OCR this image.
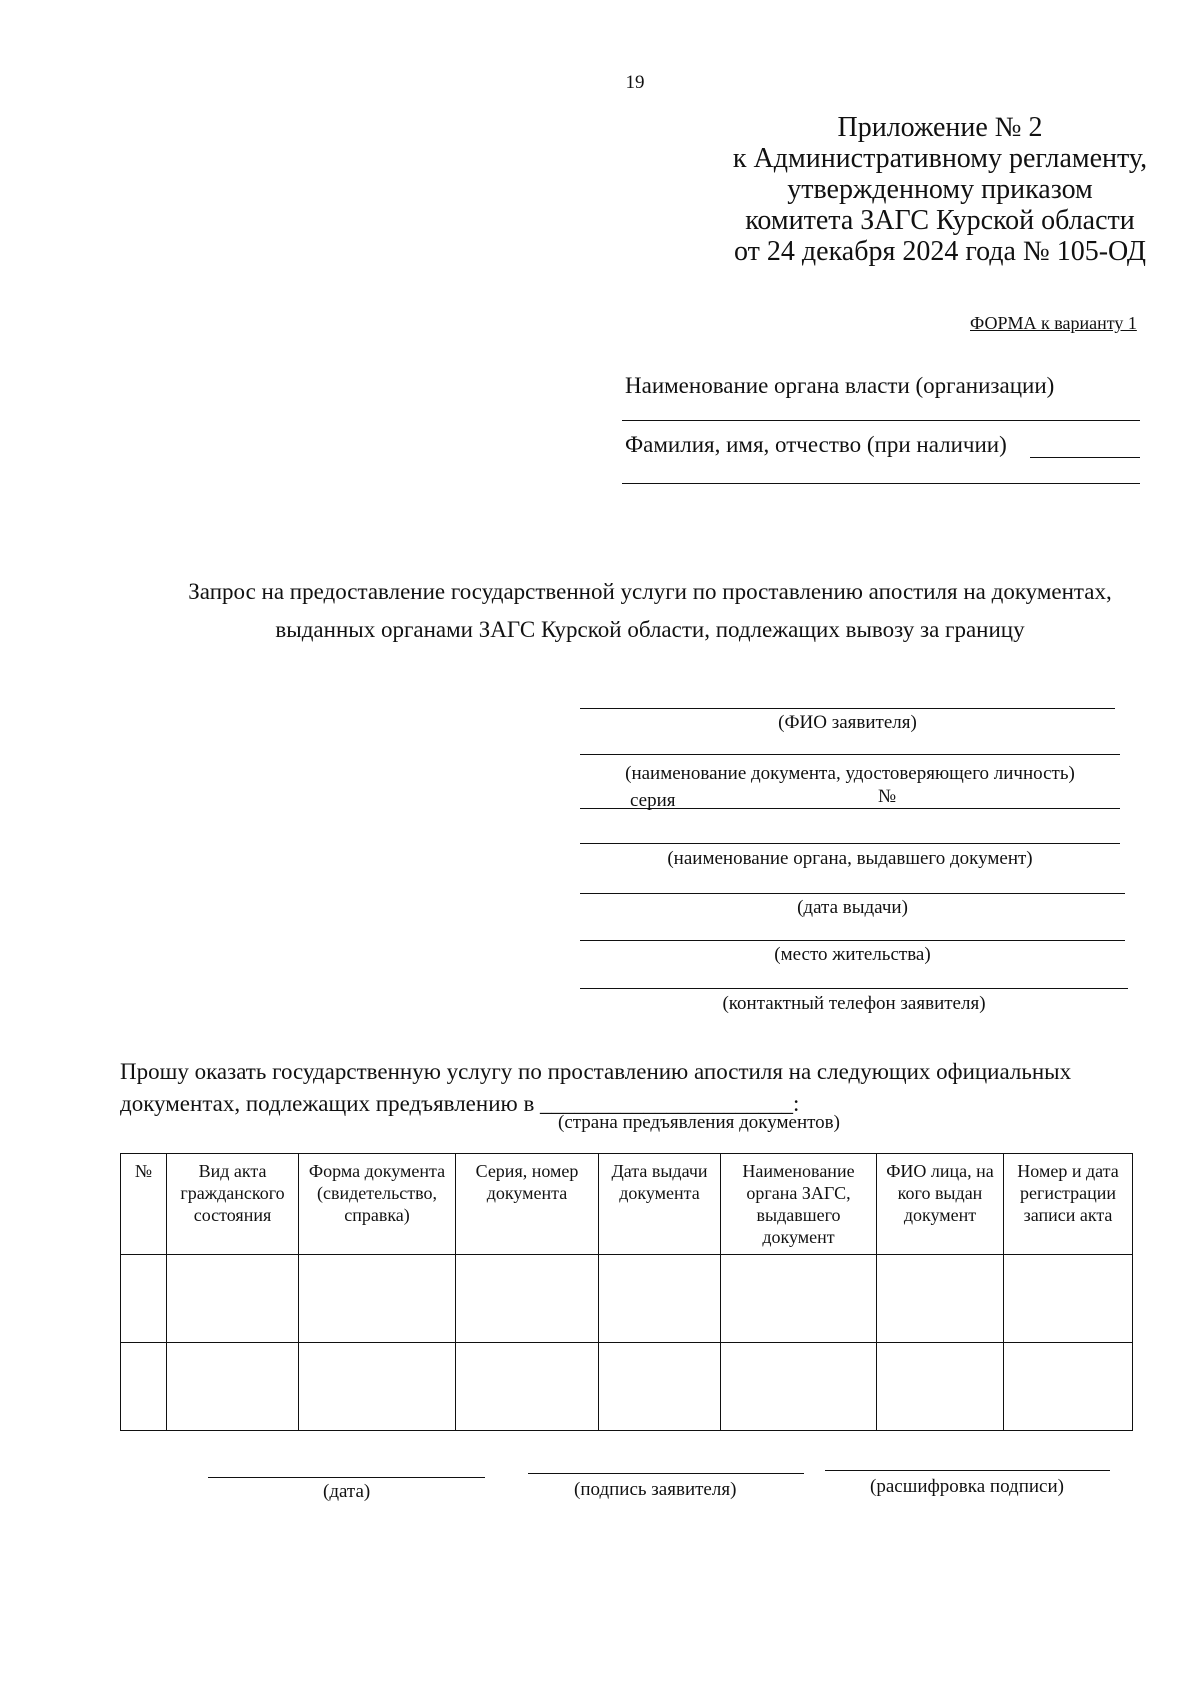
19
Приложение № 2
к Административному регламенту,
утвержденному приказом
комитета ЗАГС Курской области
от 24 декабря 2024 года № 105-ОД
ФОРМА к варианту 1
Наименование органа власти (организации)
Фамилия, имя, отчество (при наличии)
Запрос на предоставление государственной услуги по проставлению апостиля на документах,
выданных органами ЗАГС Курской области, подлежащих вывозу за границу
(ФИО заявителя)
(наименование документа, удостоверяющего личность)
серия	№
(наименование органа, выдавшего документ)
(дата выдачи)
(место жительства)
(контактный телефон заявителя)
Прошу оказать государственную услугу по проставлению апостиля на следующих официальных
документах, подлежащих предъявлению в ______________________:
(страна предъявления документов)
№	Вид акта гражданского состояния	Форма документа (свидетельство, справка)	Серия, номер документа	Дата выдачи документа	Наименование органа ЗАГС, выдавшего документ	ФИО лица, на кого выдан документ	Номер и дата регистрации записи акта

(дата)	(подпись заявителя)	(расшифровка подписи)
